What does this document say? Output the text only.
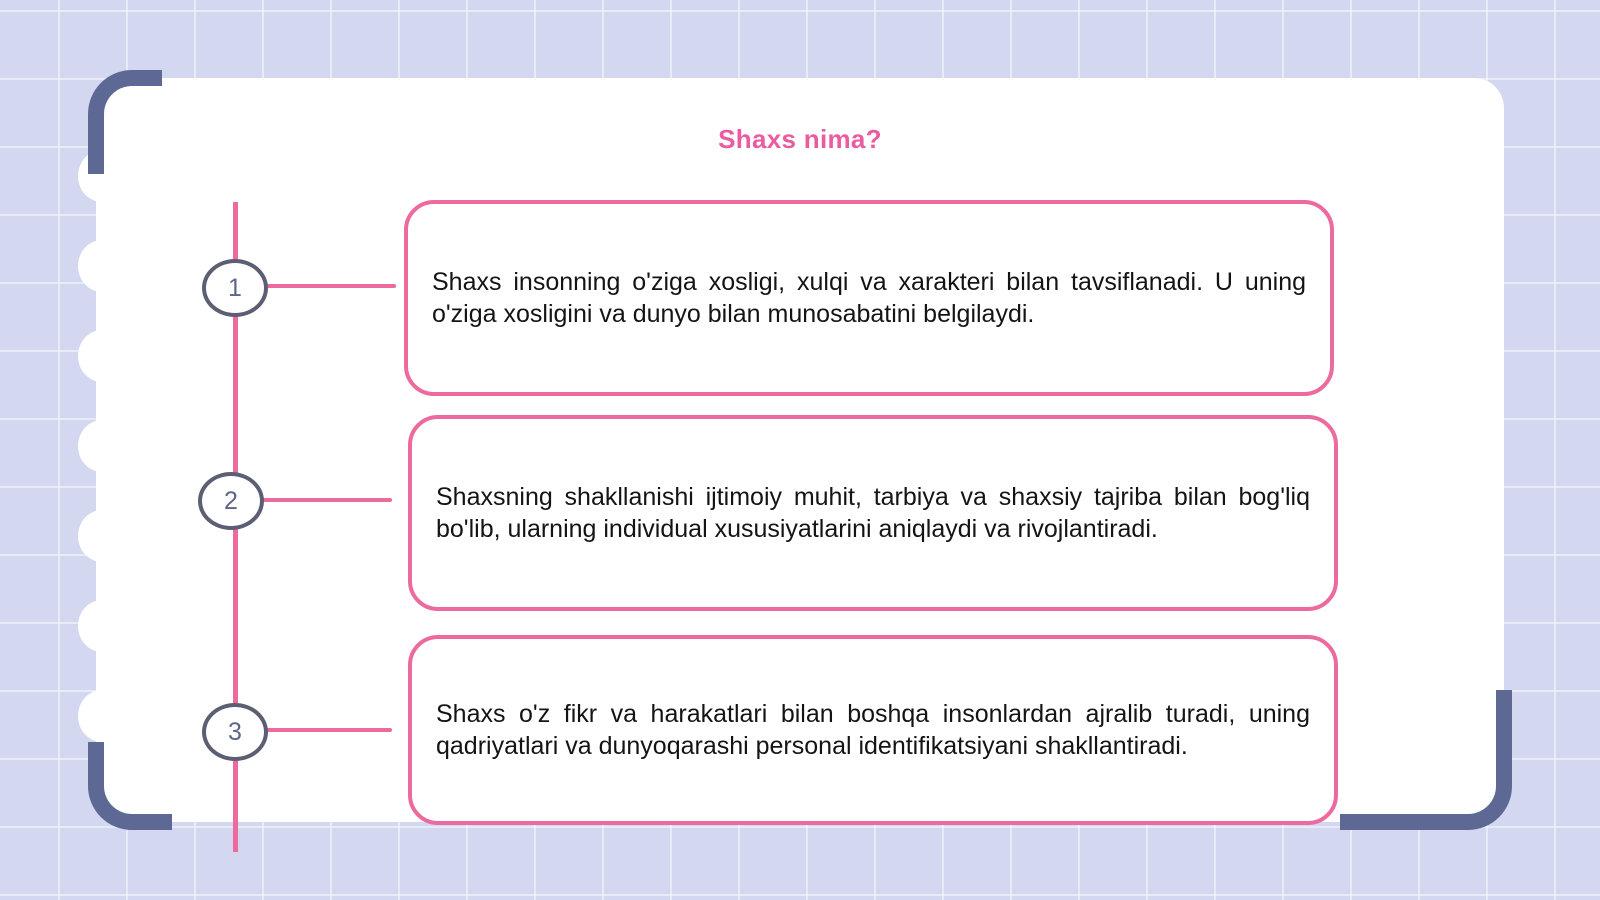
Shaxs nima?
1	Shaxs insonning o'ziga xosligi, xulqi va xarakteri bilan tavsiflanadi. U uning o'ziga xosligini va dunyo bilan munosabatini belgilaydi.
2	Shaxsning shakllanishi ijtimoiy muhit, tarbiya va shaxsiy tajriba bilan bog'liq bo'lib, ularning individual xususiyatlarini aniqlaydi va rivojlantiradi.
3
Shaxs o'z fikr va harakatlari bilan boshqa insonlardan ajralib turadi, uning qadriyatlari va dunyoqarashi personal identifikatsiyani shakllantiradi.
